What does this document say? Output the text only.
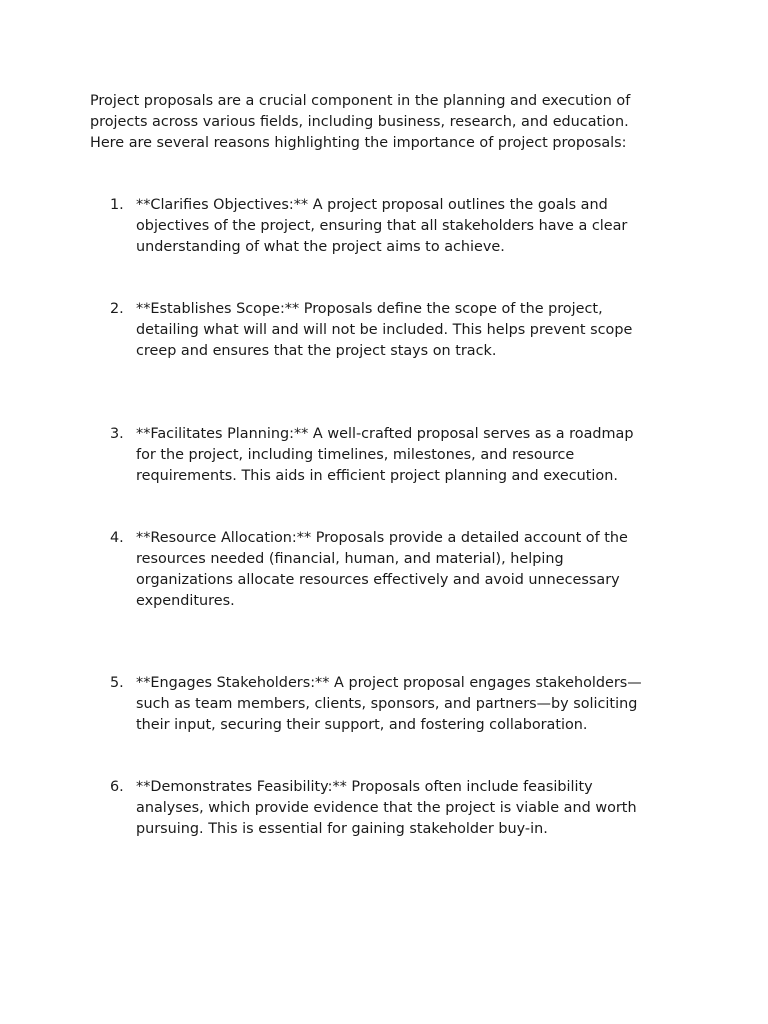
Project proposals are a crucial component in the planning and execution of
projects across various fields, including business, research, and education.
Here are several reasons highlighting the importance of project proposals:

1. **Clarifies Objectives:** A project proposal outlines the goals and
objectives of the project, ensuring that all stakeholders have a clear
understanding of what the project aims to achieve.

2. **Establishes Scope:** Proposals define the scope of the project,
detailing what will and will not be included. This helps prevent scope
creep and ensures that the project stays on track.

3. **Facilitates Planning:** A well-crafted proposal serves as a roadmap
for the project, including timelines, milestones, and resource
requirements. This aids in efficient project planning and execution.

4. **Resource Allocation:** Proposals provide a detailed account of the
resources needed (financial, human, and material), helping
organizations allocate resources effectively and avoid unnecessary
expenditures.

5. **Engages Stakeholders:** A project proposal engages stakeholders—
such as team members, clients, sponsors, and partners—by soliciting
their input, securing their support, and fostering collaboration.

6. **Demonstrates Feasibility:** Proposals often include feasibility
analyses, which provide evidence that the project is viable and worth
pursuing. This is essential for gaining stakeholder buy-in.
